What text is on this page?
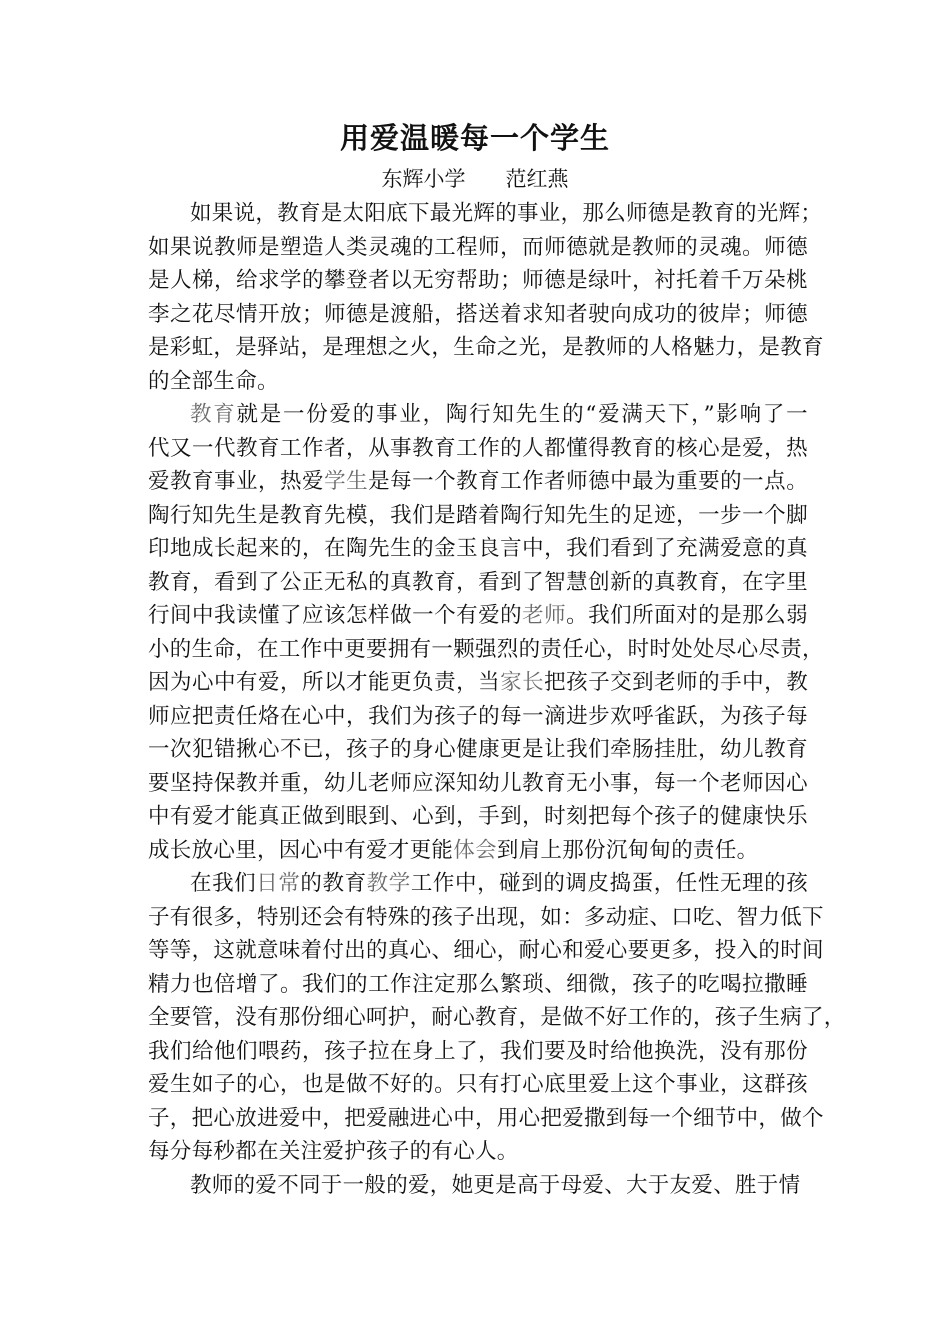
用爱温暖每一个学生
东辉小学      范红燕
如果说，教育是太阳底下最光辉的事业，那么师德是教育的光辉；
如果说教师是塑造人类灵魂的工程师，而师德就是教师的灵魂。师德
是人梯，给求学的攀登者以无穷帮助；师德是绿叶，衬托着千万朵桃
李之花尽情开放；师德是渡船，搭送着求知者驶向成功的彼岸；师德
是彩虹，是驿站，是理想之火，生命之光，是教师的人格魅力，是教育
的全部生命。
教育就是一份爱的事业，陶行知先生的“爱满天下，”影响了一
代又一代教育工作者，从事教育工作的人都懂得教育的核心是爱，热
爱教育事业，热爱学生是每一个教育工作者师德中最为重要的一点。
陶行知先生是教育先模，我们是踏着陶行知先生的足迹，一步一个脚
印地成长起来的，在陶先生的金玉良言中，我们看到了充满爱意的真
教育，看到了公正无私的真教育，看到了智慧创新的真教育，在字里
行间中我读懂了应该怎样做一个有爱的老师。我们所面对的是那么弱
小的生命，在工作中更要拥有一颗强烈的责任心，时时处处尽心尽责，
因为心中有爱，所以才能更负责，当家长把孩子交到老师的手中，教
师应把责任烙在心中，我们为孩子的每一滴进步欢呼雀跃，为孩子每
一次犯错揪心不已，孩子的身心健康更是让我们牵肠挂肚，幼儿教育
要坚持保教并重，幼儿老师应深知幼儿教育无小事，每一个老师因心
中有爱才能真正做到眼到、心到，手到，时刻把每个孩子的健康快乐
成长放心里，因心中有爱才更能体会到肩上那份沉甸甸的责任。
在我们日常的教育教学工作中，碰到的调皮捣蛋，任性无理的孩
子有很多，特别还会有特殊的孩子出现，如：多动症、口吃、智力低下
等等，这就意味着付出的真心、细心，耐心和爱心要更多，投入的时间
精力也倍增了。我们的工作注定那么繁琐、细微，孩子的吃喝拉撒睡
全要管，没有那份细心呵护，耐心教育，是做不好工作的，孩子生病了，
我们给他们喂药，孩子拉在身上了，我们要及时给他换洗，没有那份
爱生如子的心，也是做不好的。只有打心底里爱上这个事业，这群孩
子，把心放进爱中，把爱融进心中，用心把爱撒到每一个细节中，做个
每分每秒都在关注爱护孩子的有心人。
教师的爱不同于一般的爱，她更是高于母爱、大于友爱、胜于情
